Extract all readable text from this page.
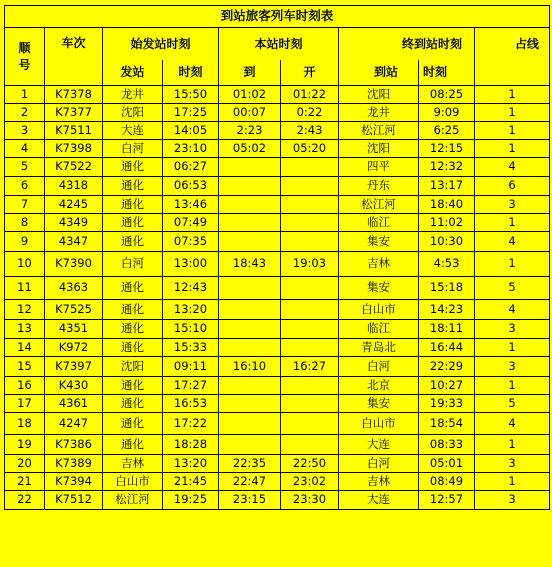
到站旅客列车时刻表								
顺号	车次	始发站时刻		本站时刻		终到站时刻		占线
		发站	时刻	到	开	到站	时刻	
1	K7378	龙井	15:50	01:02	01:22	沈阳	08:25	1
2	K7377	沈阳	17:25	00:07	0:22	龙井	9:09	1
3	K7511	大连	14:05	2:23	2:43	松江河	6:25	1
4	K7398	白河	23:10	05:02	05:20	沈阳	12:15	1
5	K7522	通化	06:27			四平	12:32	4
6	4318	通化	06:53			丹东	13:17	6
7	4245	通化	13:46			松江河	18:40	3
8	4349	通化	07:49			临江	11:02	1
9	4347	通化	07:35			集安	10:30	4
10	K7390	白河	13:00	18:43	19:03	吉林	4:53	1
11	4363	通化	12:43			集安	15:18	5
12	K7525	通化	13:20			白山市	14:23	4
13	4351	通化	15:10			临江	18:11	3
14	K972	通化	15:33			青岛北	16:44	1
15	K7397	沈阳	09:11	16:10	16:27	白河	22:29	3
16	K430	通化	17:27			北京	10:27	1
17	4361	通化	16:53			集安	19:33	5
18	4247	通化	17:22			白山市	18:54	4
19	K7386	通化	18:28			大连	08:33	1
20	K7389	吉林	13:20	22:35	22:50	白河	05:01	3
21	K7394	白山市	21:45	22:47	23:02	吉林	08:49	1
22	K7512	松江河	19:25	23:15	23:30	大连	12:57	3
